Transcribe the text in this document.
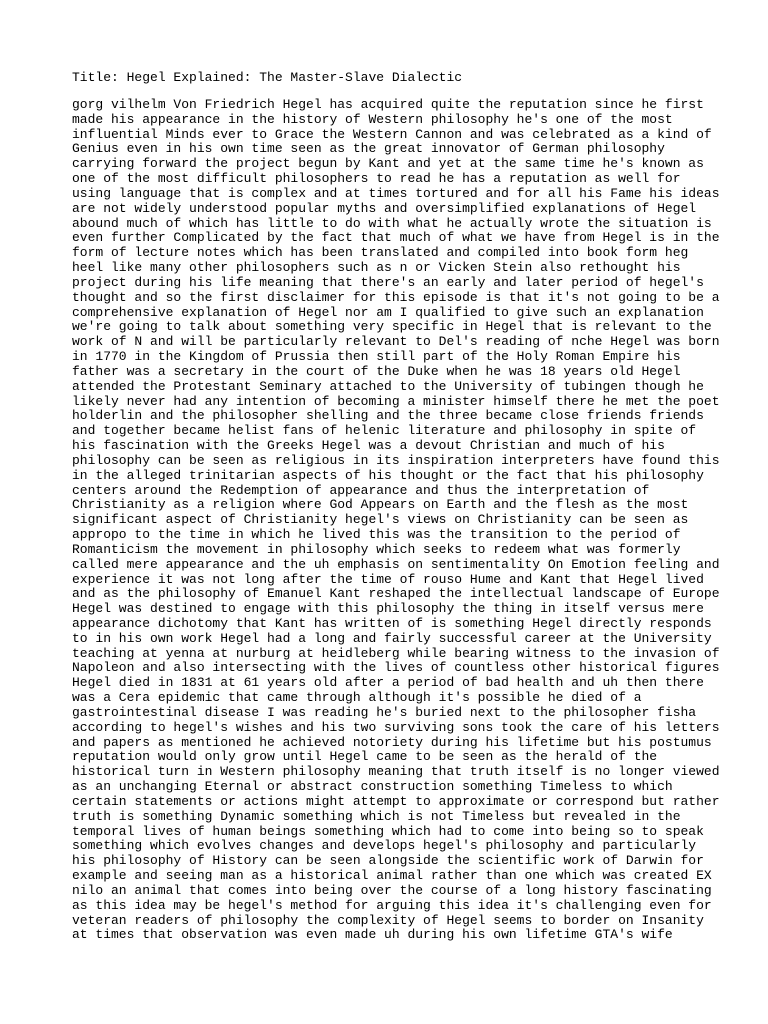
Title: Hegel Explained: The Master-Slave Dialectic
gorg vilhelm Von Friedrich Hegel has acquired quite the reputation since he first
made his appearance in the history of Western philosophy he's one of the most
influential Minds ever to Grace the Western Cannon and was celebrated as a kind of
Genius even in his own time seen as the great innovator of German philosophy
carrying forward the project begun by Kant and yet at the same time he's known as
one of the most difficult philosophers to read he has a reputation as well for
using language that is complex and at times tortured and for all his Fame his ideas
are not widely understood popular myths and oversimplified explanations of Hegel
abound much of which has little to do with what he actually wrote the situation is
even further Complicated by the fact that much of what we have from Hegel is in the
form of lecture notes which has been translated and compiled into book form heg
heel like many other philosophers such as n or Vicken Stein also rethought his
project during his life meaning that there's an early and later period of hegel's
thought and so the first disclaimer for this episode is that it's not going to be a
comprehensive explanation of Hegel nor am I qualified to give such an explanation
we're going to talk about something very specific in Hegel that is relevant to the
work of N and will be particularly relevant to Del's reading of nche Hegel was born
in 1770 in the Kingdom of Prussia then still part of the Holy Roman Empire his
father was a secretary in the court of the Duke when he was 18 years old Hegel
attended the Protestant Seminary attached to the University of tubingen though he
likely never had any intention of becoming a minister himself there he met the poet
holderlin and the philosopher shelling and the three became close friends friends
and together became helist fans of helenic literature and philosophy in spite of
his fascination with the Greeks Hegel was a devout Christian and much of his
philosophy can be seen as religious in its inspiration interpreters have found this
in the alleged trinitarian aspects of his thought or the fact that his philosophy
centers around the Redemption of appearance and thus the interpretation of
Christianity as a religion where God Appears on Earth and the flesh as the most
significant aspect of Christianity hegel's views on Christianity can be seen as
appropo to the time in which he lived this was the transition to the period of
Romanticism the movement in philosophy which seeks to redeem what was formerly
called mere appearance and the uh emphasis on sentimentality On Emotion feeling and
experience it was not long after the time of rouso Hume and Kant that Hegel lived
and as the philosophy of Emanuel Kant reshaped the intellectual landscape of Europe
Hegel was destined to engage with this philosophy the thing in itself versus mere
appearance dichotomy that Kant has written of is something Hegel directly responds
to in his own work Hegel had a long and fairly successful career at the University
teaching at yenna at nurburg at heidleberg while bearing witness to the invasion of
Napoleon and also intersecting with the lives of countless other historical figures
Hegel died in 1831 at 61 years old after a period of bad health and uh then there
was a Cera epidemic that came through although it's possible he died of a
gastrointestinal disease I was reading he's buried next to the philosopher fisha
according to hegel's wishes and his two surviving sons took the care of his letters
and papers as mentioned he achieved notoriety during his lifetime but his postumus
reputation would only grow until Hegel came to be seen as the herald of the
historical turn in Western philosophy meaning that truth itself is no longer viewed
as an unchanging Eternal or abstract construction something Timeless to which
certain statements or actions might attempt to approximate or correspond but rather
truth is something Dynamic something which is not Timeless but revealed in the
temporal lives of human beings something which had to come into being so to speak
something which evolves changes and develops hegel's philosophy and particularly
his philosophy of History can be seen alongside the scientific work of Darwin for
example and seeing man as a historical animal rather than one which was created EX
nilo an animal that comes into being over the course of a long history fascinating
as this idea may be hegel's method for arguing this idea it's challenging even for
veteran readers of philosophy the complexity of Hegel seems to border on Insanity
at times that observation was even made uh during his own lifetime GTA's wife
